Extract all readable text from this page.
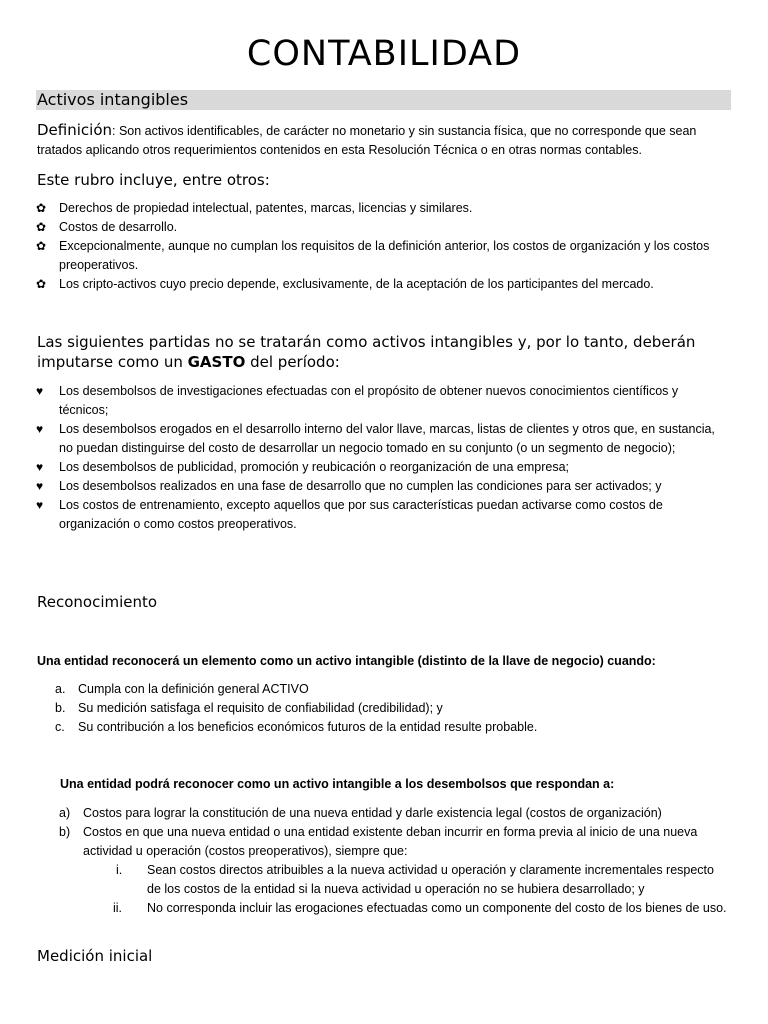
CONTABILIDAD
Activos intangibles
Definición: Son activos identificables, de carácter no monetario y sin sustancia física, que no corresponde que sean tratados aplicando otros requerimientos contenidos en esta Resolución Técnica o en otras normas contables.
Este rubro incluye, entre otros:
✿ Derechos de propiedad intelectual, patentes, marcas, licencias y similares.
✿ Costos de desarrollo.
✿ Excepcionalmente, aunque no cumplan los requisitos de la definición anterior, los costos de organización y los costos preoperativos.
✿ Los cripto-activos cuyo precio depende, exclusivamente, de la aceptación de los participantes del mercado.
Las siguientes partidas no se tratarán como activos intangibles y, por lo tanto, deberán imputarse como un GASTO del período:
♥ Los desembolsos de investigaciones efectuadas con el propósito de obtener nuevos conocimientos científicos y técnicos;
♥ Los desembolsos erogados en el desarrollo interno del valor llave, marcas, listas de clientes y otros que, en sustancia, no puedan distinguirse del costo de desarrollar un negocio tomado en su conjunto (o un segmento de negocio);
♥ Los desembolsos de publicidad, promoción y reubicación o reorganización de una empresa;
♥ Los desembolsos realizados en una fase de desarrollo que no cumplen las condiciones para ser activados; y
♥ Los costos de entrenamiento, excepto aquellos que por sus características puedan activarse como costos de organización o como costos preoperativos.
Reconocimiento
Una entidad reconocerá un elemento como un activo intangible (distinto de la llave de negocio) cuando:
a. Cumpla con la definición general ACTIVO
b. Su medición satisfaga el requisito de confiabilidad (credibilidad); y
c. Su contribución a los beneficios económicos futuros de la entidad resulte probable.
Una entidad podrá reconocer como un activo intangible a los desembolsos que respondan a:
a) Costos para lograr la constitución de una nueva entidad y darle existencia legal (costos de organización)
b) Costos en que una nueva entidad o una entidad existente deban incurrir en forma previa al inicio de una nueva actividad u operación (costos preoperativos), siempre que:
i. Sean costos directos atribuibles a la nueva actividad u operación y claramente incrementales respecto de los costos de la entidad si la nueva actividad u operación no se hubiera desarrollado; y
ii. No corresponda incluir las erogaciones efectuadas como un componente del costo de los bienes de uso.
Medición inicial
